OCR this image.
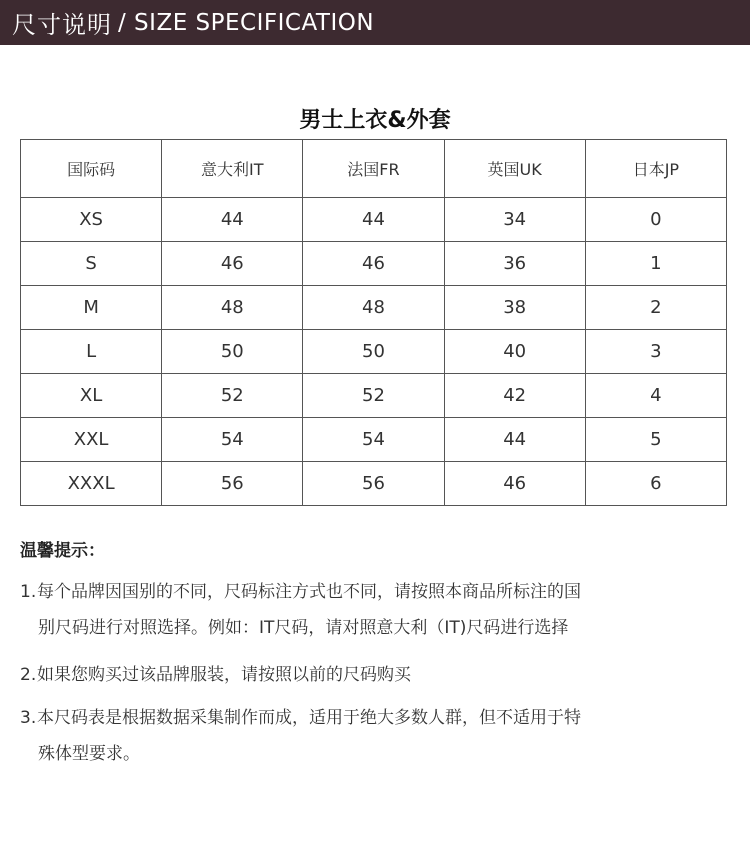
尺寸说明 / SIZE SPECIFICATION
男士上衣&外套
国际码	意大利IT	法国FR	英国UK	日本JP
XS	44	44	34	0
S	46	46	36	1
M	48	48	38	2
L	50	50	40	3
XL	52	52	42	4
XXL	54	54	44	5
XXXL	56	56	46	6
温馨提示：
1.每个品牌因国别的不同，尺码标注方式也不同，请按照本商品所标注的国
别尺码进行对照选择。例如：IT尺码，请对照意大利（IT)尺码进行选择
2.如果您购买过该品牌服装，请按照以前的尺码购买
3.本尺码表是根据数据采集制作而成，适用于绝大多数人群，但不适用于特
殊体型要求。
